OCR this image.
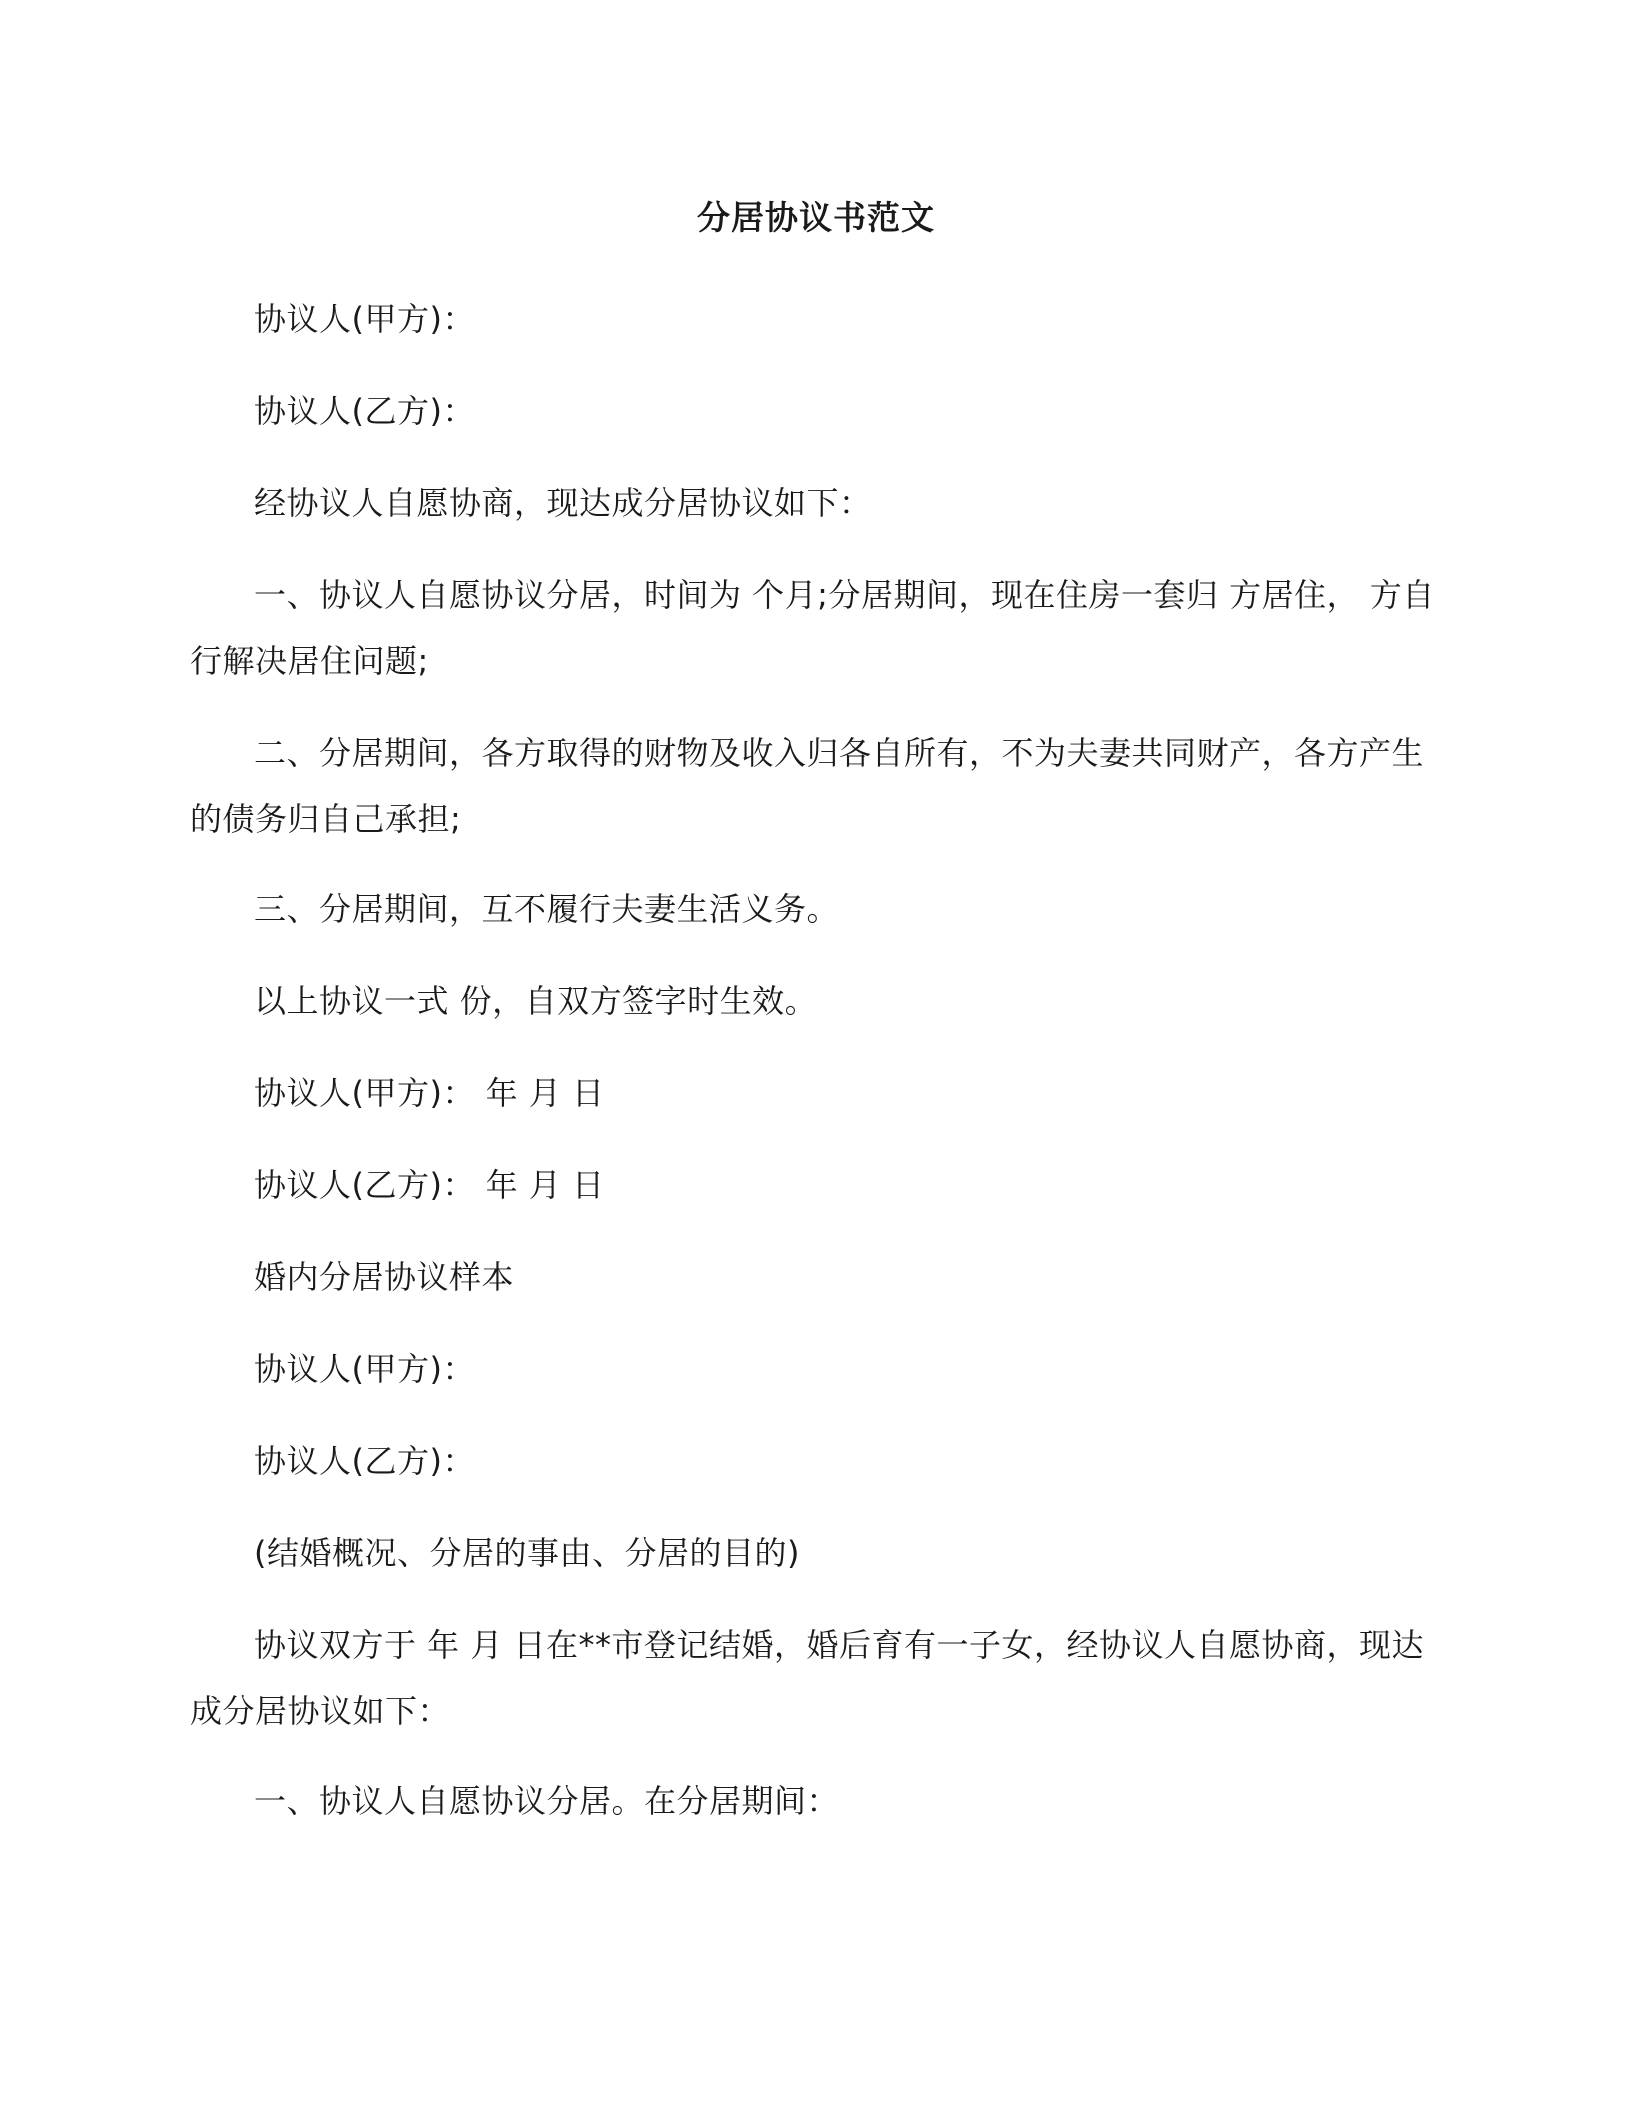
分居协议书范文

协议人(甲方)：

协议人(乙方)：

经协议人自愿协商，现达成分居协议如下：

一、协议人自愿协议分居，时间为 个月;分居期间，现在住房一套归 方居住， 方自行解决居住问题;

二、分居期间，各方取得的财物及收入归各自所有，不为夫妻共同财产，各方产生的债务归自己承担;

三、分居期间，互不履行夫妻生活义务。

以上协议一式 份，自双方签字时生效。

协议人(甲方)： 年 月 日

协议人(乙方)： 年 月 日

婚内分居协议样本

协议人(甲方)：

协议人(乙方)：

(结婚概况、分居的事由、分居的目的)

协议双方于 年 月 日在**市登记结婚，婚后育有一子女，经协议人自愿协商，现达成分居协议如下：

一、协议人自愿协议分居。在分居期间：
